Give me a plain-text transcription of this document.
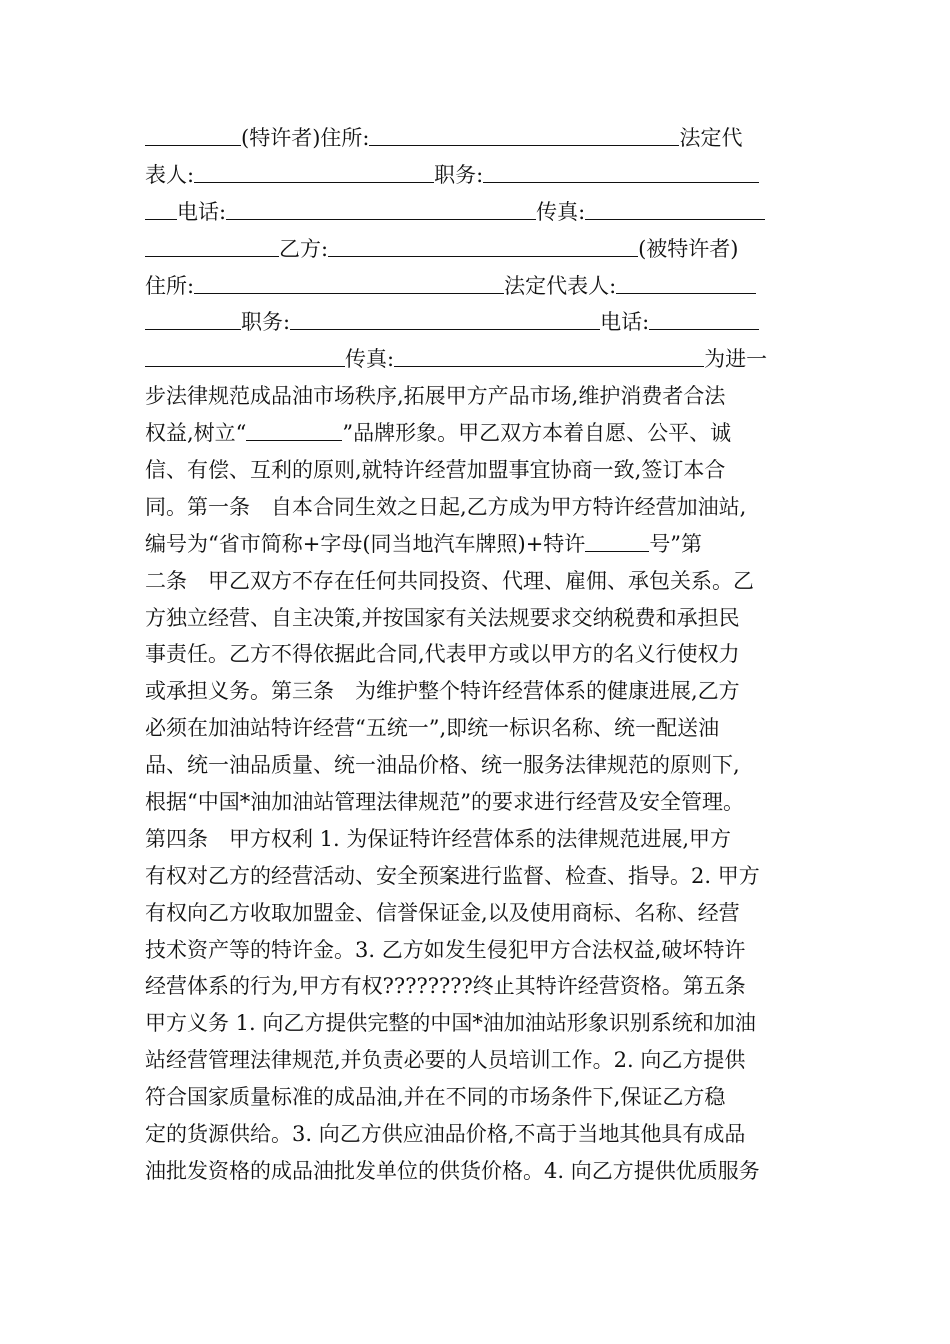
(特许者)住所:	法定代
表人:	职务:
电话:	传真:
乙方:	(被特许者)
住所:	法定代表人:
职务:	电话:
传真:	为进一
步法律规范成品油市场秩序,拓展甲方产品市场,维护消费者合法
权益,树立“	”品牌形象。甲乙双方本着自愿、公平、诚
信、有偿、互利的原则,就特许经营加盟事宜协商一致,签订本合
同。第一条　自本合同生效之日起,乙方成为甲方特许经营加油站,
编号为“省市简称+字母(同当地汽车牌照)+特许	号”第
二条　甲乙双方不存在任何共同投资、代理、雇佣、承包关系。乙
方独立经营、自主决策,并按国家有关法规要求交纳税费和承担民
事责任。乙方不得依据此合同,代表甲方或以甲方的名义行使权力
或承担义务。第三条　为维护整个特许经营体系的健康进展,乙方
必须在加油站特许经营“五统一”,即统一标识名称、统一配送油
品、统一油品质量、统一油品价格、统一服务法律规范的原则下,
根据“中国*油加油站管理法律规范”的要求进行经营及安全管理。
第四条　甲方权利 1. 为保证特许经营体系的法律规范进展,甲方
有权对乙方的经营活动、安全预案进行监督、检查、指导。2. 甲方
有权向乙方收取加盟金、信誉保证金,以及使用商标、名称、经营
技术资产等的特许金。3. 乙方如发生侵犯甲方合法权益,破坏特许
经营体系的行为,甲方有权????????终止其特许经营资格。第五条
甲方义务 1. 向乙方提供完整的中国*油加油站形象识别系统和加油
站经营管理法律规范,并负责必要的人员培训工作。2. 向乙方提供
符合国家质量标准的成品油,并在不同的市场条件下,保证乙方稳
定的货源供给。3. 向乙方供应油品价格,不高于当地其他具有成品
油批发资格的成品油批发单位的供货价格。4. 向乙方提供优质服务
